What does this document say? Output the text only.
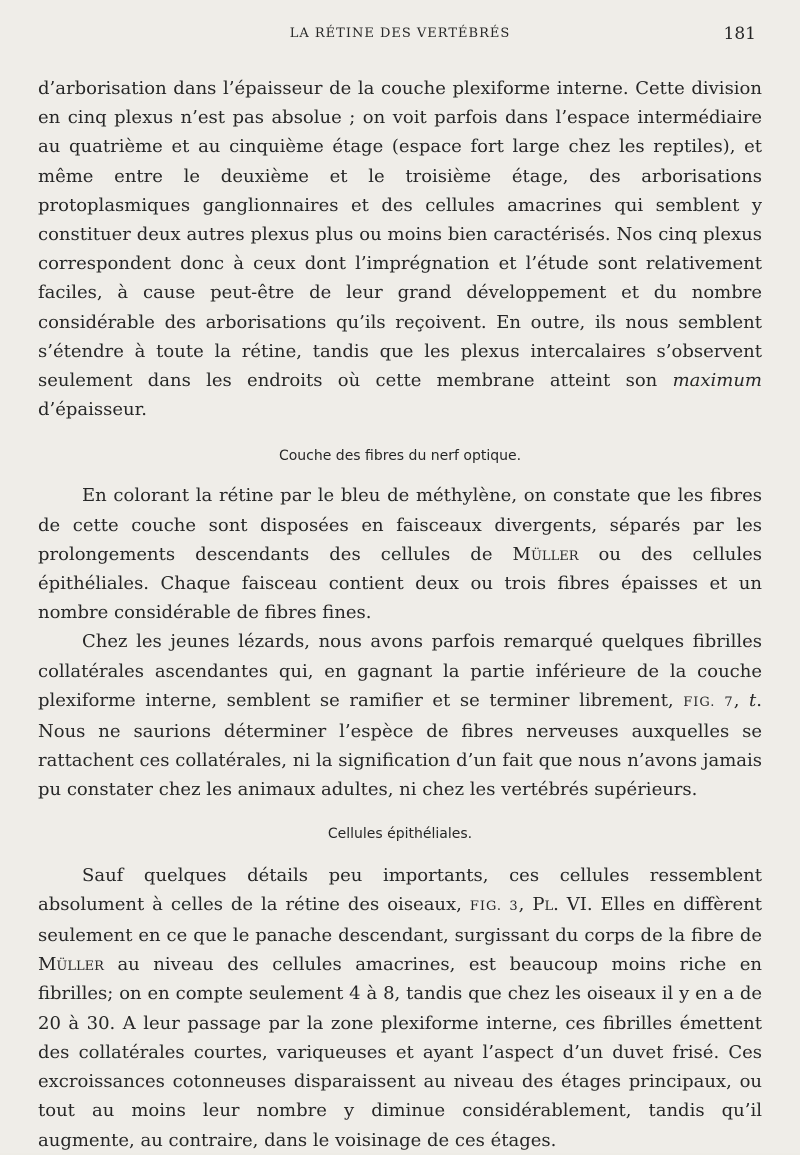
LA RÉTINE DES VERTÉBRÉS	181

d’arborisation dans l’épaisseur de la couche plexiforme interne. Cette division en cinq plexus n’est pas absolue ; on voit parfois dans l’espace intermédiaire au quatrième et au cinquième étage (espace fort large chez les reptiles), et même entre le deuxième et le troisième étage, des arborisations protoplasmiques ganglionnaires et des cellules amacrines qui semblent y constituer deux autres plexus plus ou moins bien caractérisés. Nos cinq plexus correspondent donc à ceux dont l’imprégnation et l’étude sont relativement faciles, à cause peut-être de leur grand développement et du nombre considérable des arborisations qu’ils reçoivent. En outre, ils nous semblent s’étendre à toute la rétine, tandis que les plexus intercalaires s’observent seulement dans les endroits où cette membrane atteint son maximum d’épaisseur.

Couche des fibres du nerf optique.

En colorant la rétine par le bleu de méthylène, on constate que les fibres de cette couche sont disposées en faisceaux divergents, séparés par les prolongements descendants des cellules de Müller ou des cellules épithéliales. Chaque faisceau contient deux ou trois fibres épaisses et un nombre considérable de fibres fines.

Chez les jeunes lézards, nous avons parfois remarqué quelques fibrilles collatérales ascendantes qui, en gagnant la partie inférieure de la couche plexiforme interne, semblent se ramifier et se terminer librement, FIG. 7, t. Nous ne saurions déterminer l’espèce de fibres nerveuses auxquelles se rattachent ces collatérales, ni la signification d’un fait que nous n’avons jamais pu constater chez les animaux adultes, ni chez les vertébrés supérieurs.

Cellules épithéliales.

Sauf quelques détails peu importants, ces cellules ressemblent absolument à celles de la rétine des oiseaux, FIG. 3, Pl. VI. Elles en diffèrent seulement en ce que le panache descendant, surgissant du corps de la fibre de Müller au niveau des cellules amacrines, est beaucoup moins riche en fibrilles; on en compte seulement 4 à 8, tandis que chez les oiseaux il y en a de 20 à 30. A leur passage par la zone plexiforme interne, ces fibrilles émettent des collatérales courtes, variqueuses et ayant l’aspect d’un duvet frisé. Ces excroissances cotonneuses disparaissent au niveau des étages principaux, ou tout au moins leur nombre y diminue considérablement, tandis qu’il augmente, au contraire, dans le voisinage de ces étages.
